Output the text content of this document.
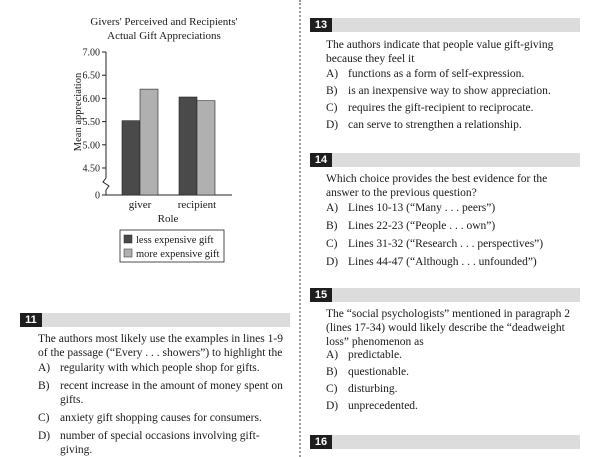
Givers' Perceived and Recipients'
Actual Gift Appreciations
0
4.50
5.00
5.50
6.00
6.50
7.00
Mean appreciation
giver recipient
Role
less expensive gift
more expensive gift
11
The authors most likely use the examples in lines 1-9 of the passage (“Every . . . showers”) to highlight the
A) regularity with which people shop for gifts.
B) recent increase in the amount of money spent on gifts.
C) anxiety gift shopping causes for consumers.
D) number of special occasions involving gift-giving.
13
The authors indicate that people value gift-giving because they feel it
A) functions as a form of self-expression.
B) is an inexpensive way to show appreciation.
C) requires the gift-recipient to reciprocate.
D) can serve to strengthen a relationship.
14
Which choice provides the best evidence for the answer to the previous question?
A) Lines 10-13 (“Many . . . peers”)
B) Lines 22-23 (“People . . . own”)
C) Lines 31-32 (“Research . . . perspectives”)
D) Lines 44-47 (“Although . . . unfounded”)
15
The “social psychologists” mentioned in paragraph 2 (lines 17-34) would likely describe the “deadweight loss” phenomenon as
A) predictable.
B) questionable.
C) disturbing.
D) unprecedented.
16
